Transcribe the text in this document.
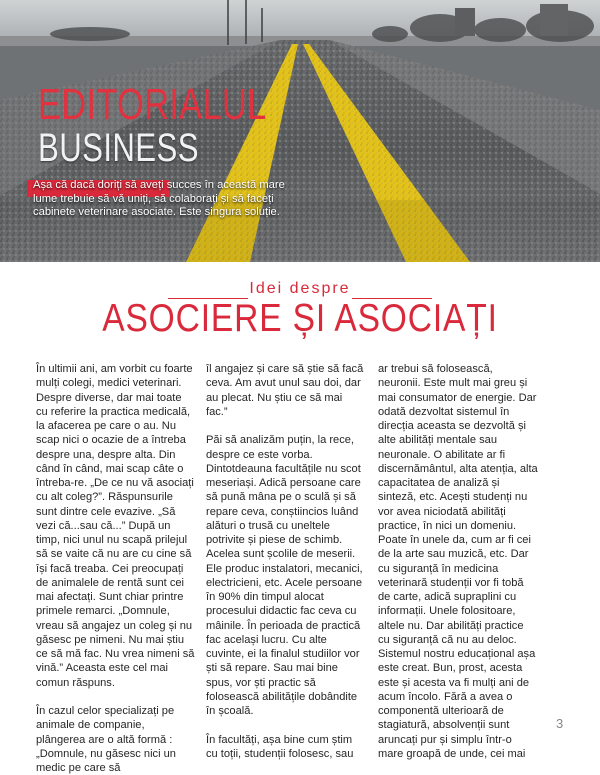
EDITORIALUL
BUSINESS

Așa că dacă doriți să aveți succes în această mare lume trebuie să vă uniți, să colaborați și să faceți cabinete veterinare asociate. Este singura soluție.

Idei despre

ASOCIERE ȘI ASOCIAȚI

În ultimii ani, am vorbit cu foarte mulți colegi, medici veterinari. Despre diverse, dar mai toate cu referire la practica medicală, la afacerea pe care o au. Nu scap nici o ocazie de a întreba despre una, despre alta. Din când în când, mai scap câte o întreba-re. „De ce nu vă asociați cu alt coleg?”. Răspunsurile sunt dintre cele evazive. „Să vezi că...sau că...” După un timp, nici unul nu scapă prilejul să se vaite că nu are cu cine să își facă treaba. Cei preocupați de animalele de rentă sunt cei mai afectați. Sunt chiar printre primele remarci. „Domnule, vreau să angajez un coleg și nu găsesc pe nimeni. Nu mai știu ce să mă fac. Nu vrea nimeni să vină.” Aceasta este cel mai comun răspuns.

În cazul celor specializați pe animale de companie, plângerea are o altă formă : „Domnule, nu găsesc nici un medic pe care să

îl angajez și care să știe să facă ceva. Am avut unul sau doi, dar au plecat. Nu știu ce să mai fac.”

Păi să analizăm puțin, la rece, despre ce este vorba. Dintotdeauna facultățile nu scot meseriași. Adică persoane care să pună mâna pe o sculă și să repare ceva, conștiincios luând alături o trusă cu uneltele potrivite și piese de schimb. Acelea sunt școlile de meserii. Ele produc instalatori, mecanici, electricieni, etc. Acele persoane în 90% din timpul alocat procesului didactic fac ceva cu mâinile. În perioada de practică fac același lucru. Cu alte cuvinte, ei la finalul studiilor vor ști să repare. Sau mai bine spus, vor ști practic să folosească abilitățile dobândite în școală.

În facultăți, așa bine cum știm cu toții, studenții folosesc, sau

ar trebui să folosească, neuronii. Este mult mai greu și mai consumator de energie. Dar odată dezvoltat sistemul în direcția aceasta se dezvoltă și alte abilități mentale sau neuronale. O abilitate ar fi discernământul, alta atenția, alta capacitatea de analiză și sinteză, etc. Acești studenți nu vor avea niciodată abilități practice, în nici un domeniu. Poate în unele da, cum ar fi cei de la arte sau muzică, etc. Dar cu siguranță în medicina veterinară studenții vor fi tobă de carte, adică supraplini cu informații. Unele folositoare, altele nu. Dar abilități practice cu siguranță că nu au deloc. Sistemul nostru educațional așa este creat. Bun, prost, acesta este și acesta va fi mulți ani de acum încolo. Fără a avea o componentă ulterioară de stagiatură, absolvenții sunt aruncați pur și simplu într-o mare groapă de unde, cei mai

3
